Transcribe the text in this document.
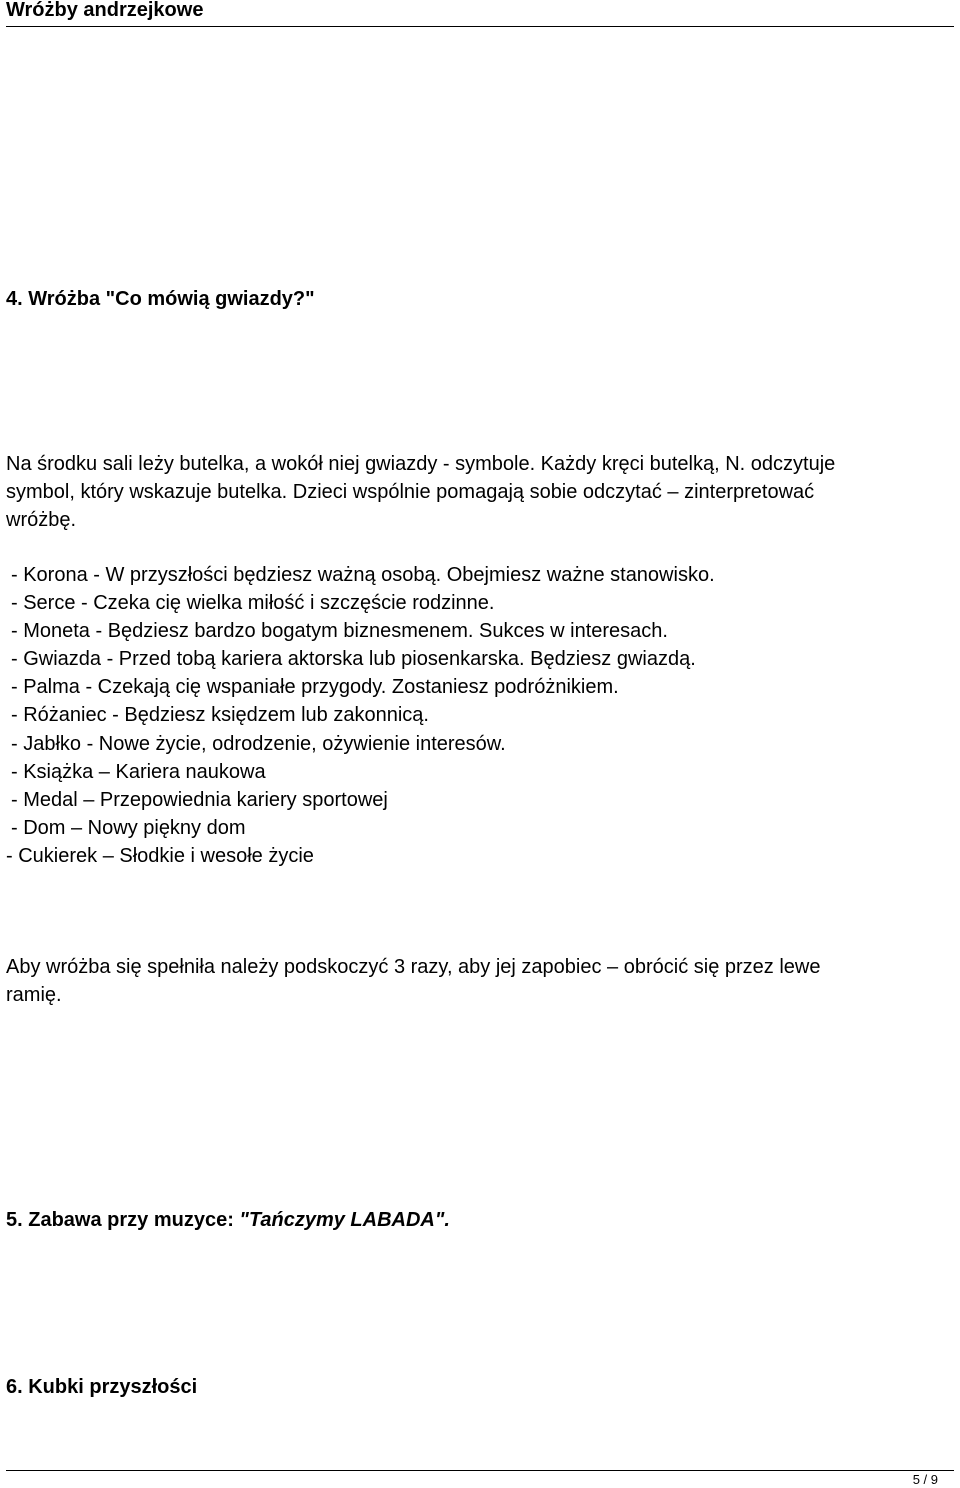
Wróżby andrzejkowe
4. Wróżba "Co mówią gwiazdy?"
Na środku sali leży butelka, a wokół niej gwiazdy - symbole. Każdy kręci butelką, N. odczytuje
symbol, który wskazuje butelka. Dzieci wspólnie pomagają sobie odczytać – zinterpretować
wróżbę.
- Korona - W przyszłości będziesz ważną osobą. Obejmiesz ważne stanowisko.
- Serce - Czeka cię wielka miłość i szczęście rodzinne.
- Moneta - Będziesz bardzo bogatym biznesmenem. Sukces w interesach.
- Gwiazda - Przed tobą kariera aktorska lub piosenkarska. Będziesz gwiazdą.
- Palma - Czekają cię wspaniałe przygody. Zostaniesz podróżnikiem.
- Różaniec - Będziesz księdzem lub zakonnicą.
- Jabłko - Nowe życie, odrodzenie, ożywienie interesów.
- Książka – Kariera naukowa
- Medal – Przepowiednia kariery sportowej
- Dom – Nowy piękny dom
- Cukierek – Słodkie i wesołe życie
Aby wróżba się spełniła należy podskoczyć 3 razy, aby jej zapobiec – obrócić się przez lewe
ramię.
5. Zabawa przy muzyce: "Tańczymy LABADA".
6. Kubki przyszłości
5 / 9
